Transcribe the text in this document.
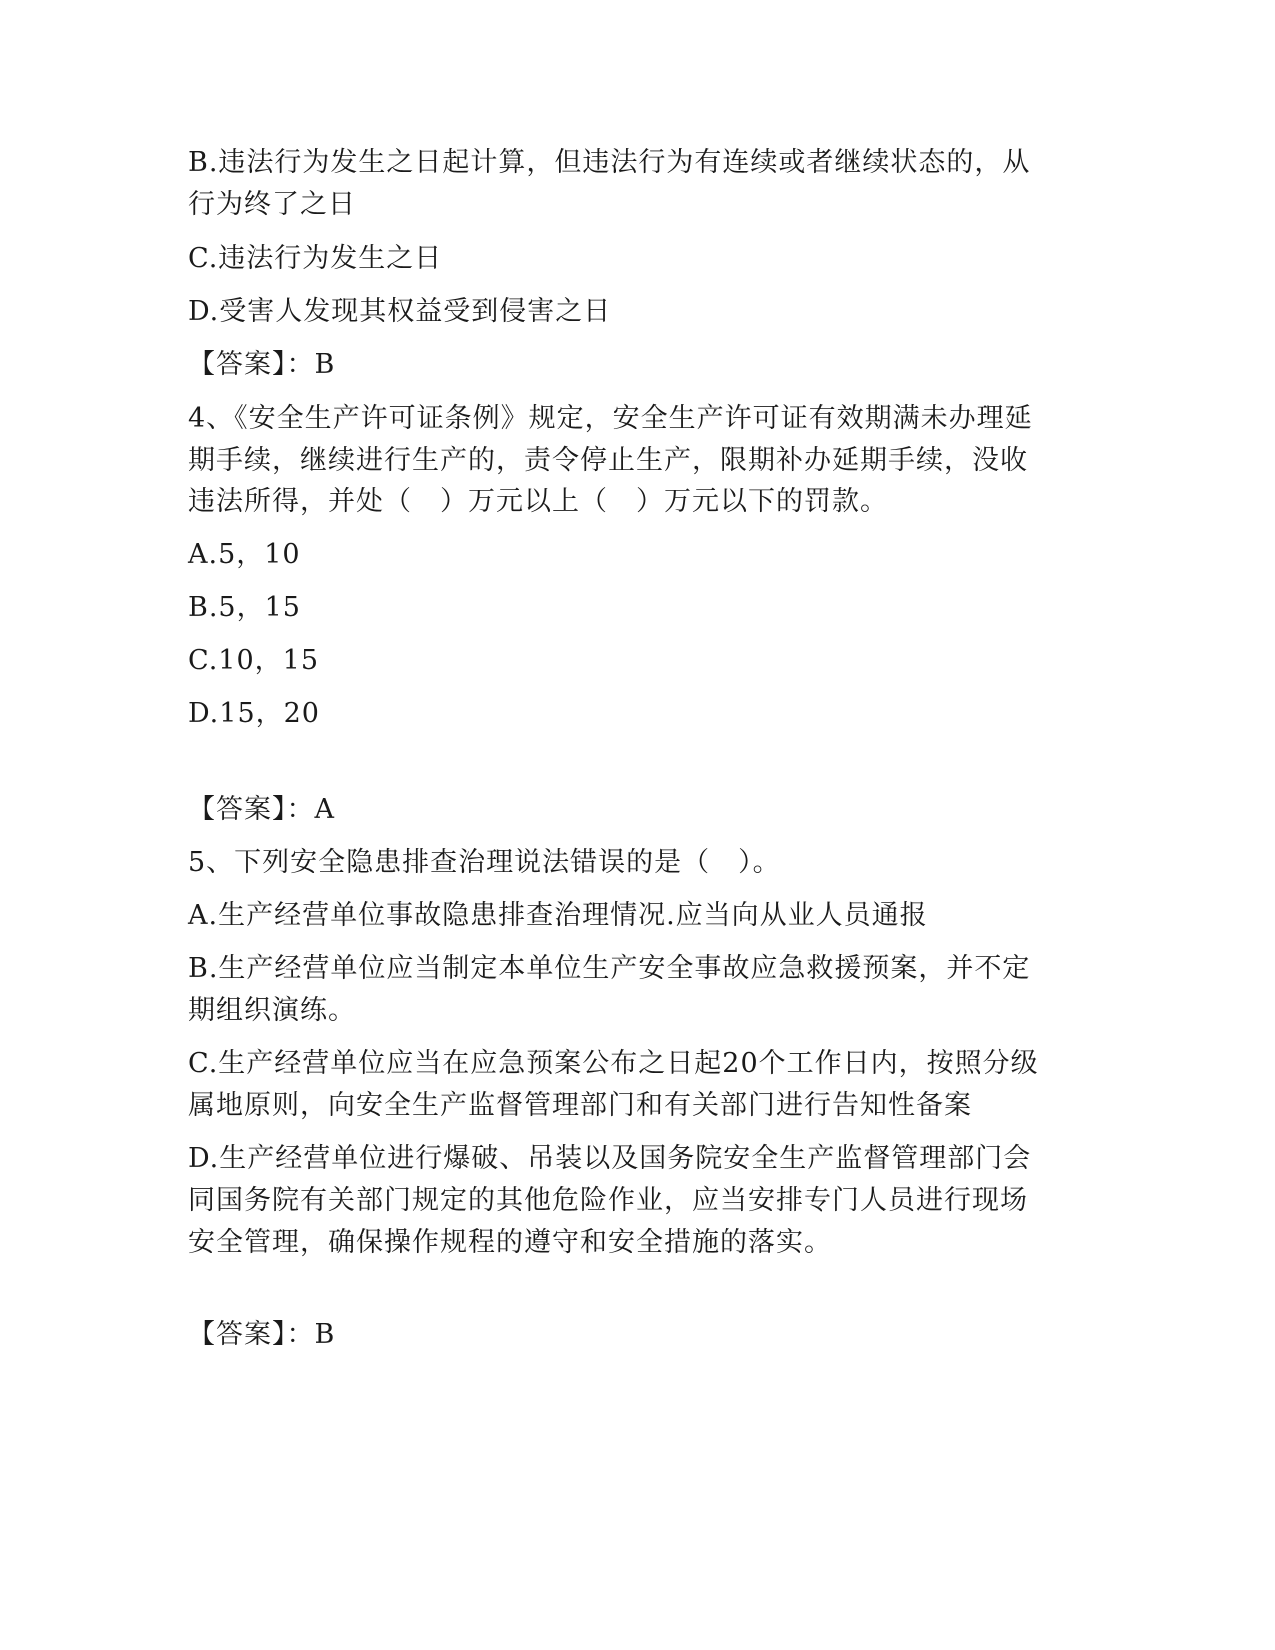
B.违法行为发生之日起计算，但违法行为有连续或者继续状态的，从
行为终了之日
C.违法行为发生之日
D.受害人发现其权益受到侵害之日
【答案】：B
4、《安全生产许可证条例》规定，安全生产许可证有效期满未办理延
期手续，继续进行生产的，责令停止生产，限期补办延期手续，没收
违法所得，并处（　）万元以上（　）万元以下的罚款。
A.5，10
B.5，15
C.10，15
D.15，20
【答案】：A
5、下列安全隐患排查治理说法错误的是（　）。
A.生产经营单位事故隐患排查治理情况.应当向从业人员通报
B.生产经营单位应当制定本单位生产安全事故应急救援预案，并不定
期组织演练。
C.生产经营单位应当在应急预案公布之日起20个工作日内，按照分级
属地原则，向安全生产监督管理部门和有关部门进行告知性备案
D.生产经营单位进行爆破、吊装以及国务院安全生产监督管理部门会
同国务院有关部门规定的其他危险作业，应当安排专门人员进行现场
安全管理，确保操作规程的遵守和安全措施的落实。
【答案】：B
